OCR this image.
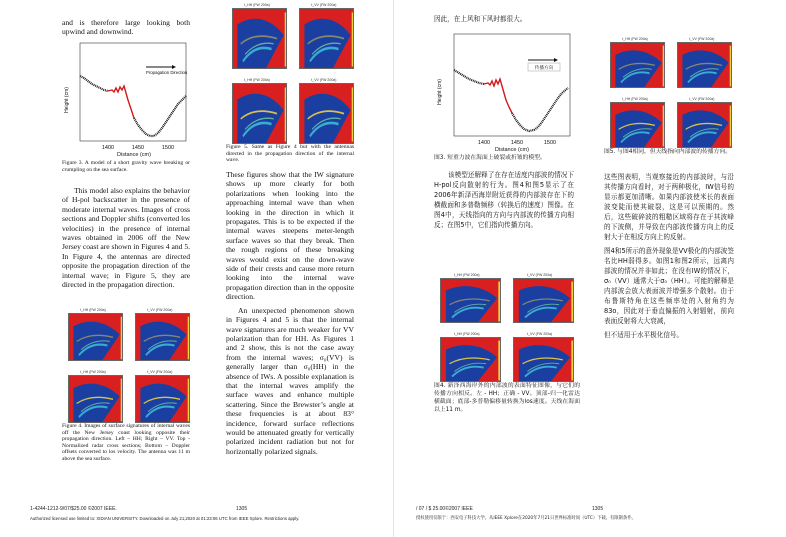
and is therefore large looking both upwind and downwind.

Propagation Direction
Height (cm)
1400	1450	1500
Distance (cm)
Figure 3. A model of a short gravity wave breaking or crumpling on the sea surface.
This model also explains the behavior of H-pol backscatter in the presence of moderate internal waves. Images of cross sections and Doppler shifts (converted los velocities) in the presence of internal waves obtained in 2006 off the New Jersey coast are shown in Figures 4 and 5. In Figure 4, the antennas are directed opposite the propagation direction of the internal wave; in Figure 5, they are directed in the propagation direction.
t_HH (FW 200a)	t_VV (FW 200a)
t_HH (FW 200a)	t_VV (FW 200a)
Figure 4. Images of surface signatures of internal waves off the New Jersey coast looking opposite their propagation direction. Left – HH; Right – VV. Top - Normalized radar cross sections; Bottom – Doppler offsets converted to los velocity. The antenna was 11 m above the sea surface.
t_HH (FW 200a)	t_VV (FW 200a)
t_HH (FW 200a)	t_VV (FW 200a)
Figure 5. Same as Figure 4 but with the antennas directed in the propagation direction of the internal wave.

These figures show that the IW signature shows up more clearly for both polarizations when looking into the approaching internal wave than when looking in the direction in which it propagates. This is to be expected if the internal waves steepens meter-length surface waves so that they break. Then the rough regions of these breaking waves would exist on the down-wave side of their crests and cause more return looking into the internal wave propagation direction than in the opposite direction.

An unexpected phenomenon shown in Figures 4 and 5 is that the internal wave signatures are much weaker for VV polarization than for HH. As Figures 1 and 2 show, this is not the case away from the internal waves; σ₀(VV) is generally larger than σ₀(HH) in the absence of IWs. A possible explanation is that the internal waves amplify the surface waves and enhance multiple scattering. Since the Brewster’s angle at these frequencies is at about 83° incidence, forward surface reflections would be attenuated greatly for vertically polarized incident radiation but not for horizontally polarized signals.

1-4244-1212-9/07/$25.00 ©2007 IEEE.	1305
Authorized licensed use limited to: XIDIAN UNIVERSITY. Downloaded on July 21,2020 at 01:23:06 UTC from IEEE Xplore. Restrictions apply.
因此，在上风和下风时都很大。
传播方向
Height (cm)
1400	1450	1500
Distance (cm)
图3. 短重力波在海面上破裂或折皱的模型。
该模型还解释了在存在适度内部波的情况下H-pol反向散射的行为。图4和图5显示了在2006年新泽西海岸附近获得的内部波存在下的横截面和多普勒频移（转换后的速度）图像。在图4中，天线指向的方向与内部波的传播方向相反；在图5中，它们指向传播方向。
t_HH (FW 200a)	t_VV (FW 200a)
t_HH (FW 200a)	t_VV (FW 200a)
图4. 新泽西海岸外的内部波的表面特征图像，与它们的传播方向相反。左 - HH；正确 - VV。顶部-归一化雷达横截面；底部-多普勒偏移量转换为los速度。天线在海面以上11 m。
t_HH (FW 200a)	t_VV (FW 200a)
t_HH (FW 200a)	t_VV (FW 200a)
图5. 与图4相同，但天线指向内部波的传播方向。

这些图表明，当观察接近的内部波时，与沿其传播方向看时，对于两种极化，IW信号的显示都更加清晰。如果内部波使米长的表面波变陡而使其破裂，这是可以预期的。然后，这些破碎波的粗糙区域将存在于其波峰的下波侧，并导致在内部波传播方向上的反射大于在相反方向上的反射。

图4和5所示的意外现象是VV极化的内部波签名比HH弱得多。如图1和图2所示，远离内部波的情况并非如此；在没有IW的情况下，σ₀（VV）通常大于σ₀（HH）。可能的解释是内部波会放大表面波并增强多个散射。由于布鲁斯特角在这些频率处的入射角约为83o，因此对于垂直偏振的入射辐射，前向表面反射将大大衰减，

但不适用于水平极化信号。

/ 07 / $ 25.00©2007 IEEE	1305
授权使用仅限于：西安电子科技大学。从IEEE Xplore在2020年7月21日世界标准时间（UTC）下载。有限制条件。
